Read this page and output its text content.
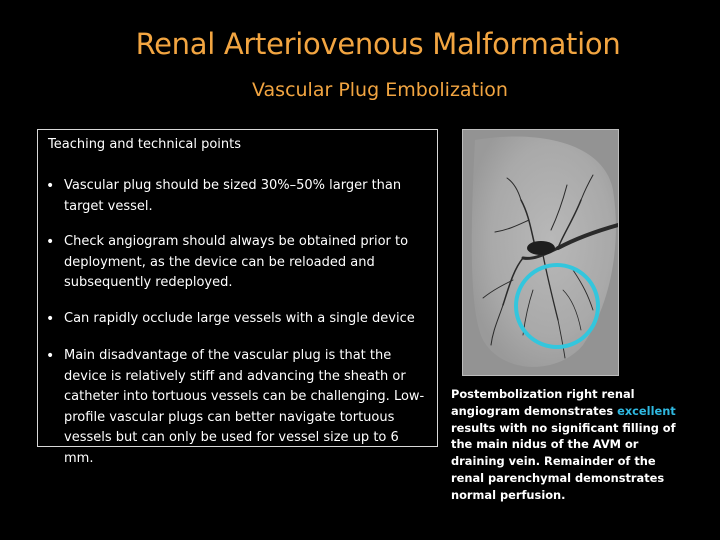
Renal Arteriovenous Malformation
Vascular Plug Embolization
Teaching and technical points
• Vascular plug should be sized 30%–50% larger than target vessel.
• Check angiogram should always be obtained prior to deployment, as the device can be reloaded and subsequently redeployed.
• Can rapidly occlude large vessels with a single device
• Main disadvantage of the vascular plug is that the device is relatively stiff and advancing the sheath or catheter into tortuous vessels can be challenging. Low-profile vascular plugs can better navigate tortuous vessels but can only be used for vessel size up to 6 mm.
Postembolization right renal angiogram demonstrates excellent results with no significant filling of the main nidus of the AVM or draining vein. Remainder of the renal parenchymal demonstrates normal perfusion.
